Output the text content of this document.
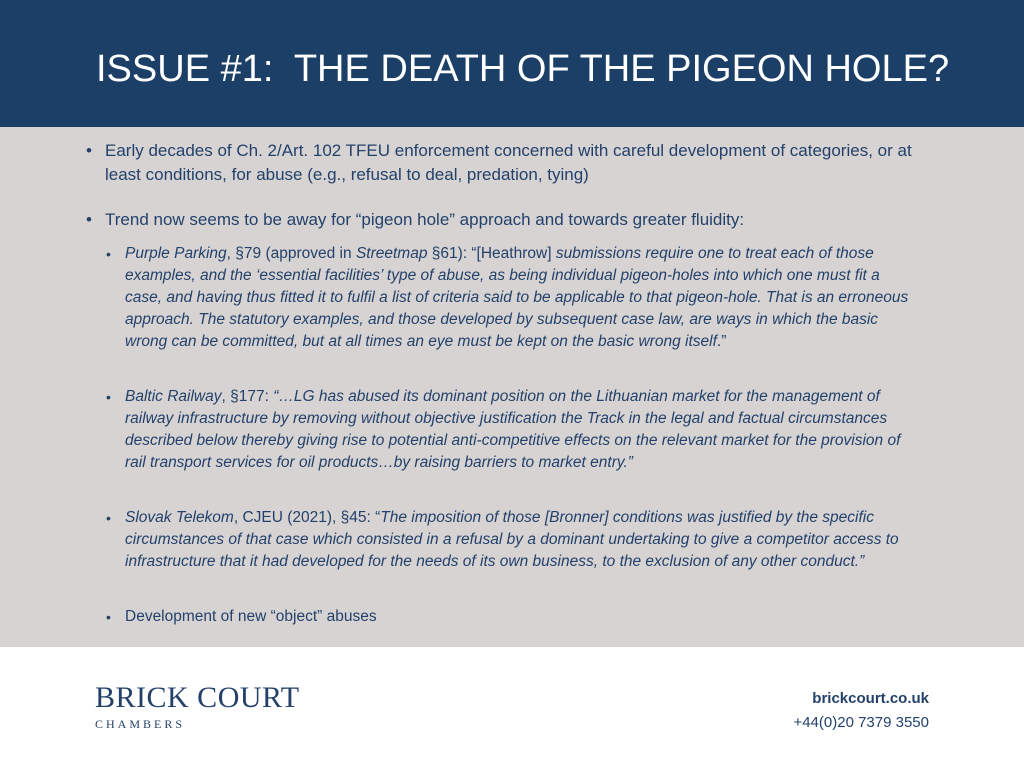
ISSUE #1:  THE DEATH OF THE PIGEON HOLE?
• Early decades of Ch. 2/Art. 102 TFEU enforcement concerned with careful development of categories, or at least conditions, for abuse (e.g., refusal to deal, predation, tying)
• Trend now seems to be away for “pigeon hole” approach and towards greater fluidity:
• Purple Parking, §79 (approved in Streetmap §61): “[Heathrow] submissions require one to treat each of those examples, and the ‘essential facilities’ type of abuse, as being individual pigeon-holes into which one must fit a case, and having thus fitted it to fulfil a list of criteria said to be applicable to that pigeon-hole. That is an erroneous approach. The statutory examples, and those developed by subsequent case law, are ways in which the basic wrong can be committed, but at all times an eye must be kept on the basic wrong itself.”
• Baltic Railway, §177: “…LG has abused its dominant position on the Lithuanian market for the management of railway infrastructure by removing without objective justification the Track in the legal and factual circumstances described below thereby giving rise to potential anti-competitive effects on the relevant market for the provision of rail transport services for oil products…by raising barriers to market entry.”
• Slovak Telekom, CJEU (2021), §45: “The imposition of those [Bronner] conditions was justified by the specific circumstances of that case which consisted in a refusal by a dominant undertaking to give a competitor access to infrastructure that it had developed for the needs of its own business, to the exclusion of any other conduct.”
• Development of new “object” abuses
BRICK COURT
CHAMBERS
brickcourt.co.uk
+44(0)20 7379 3550
